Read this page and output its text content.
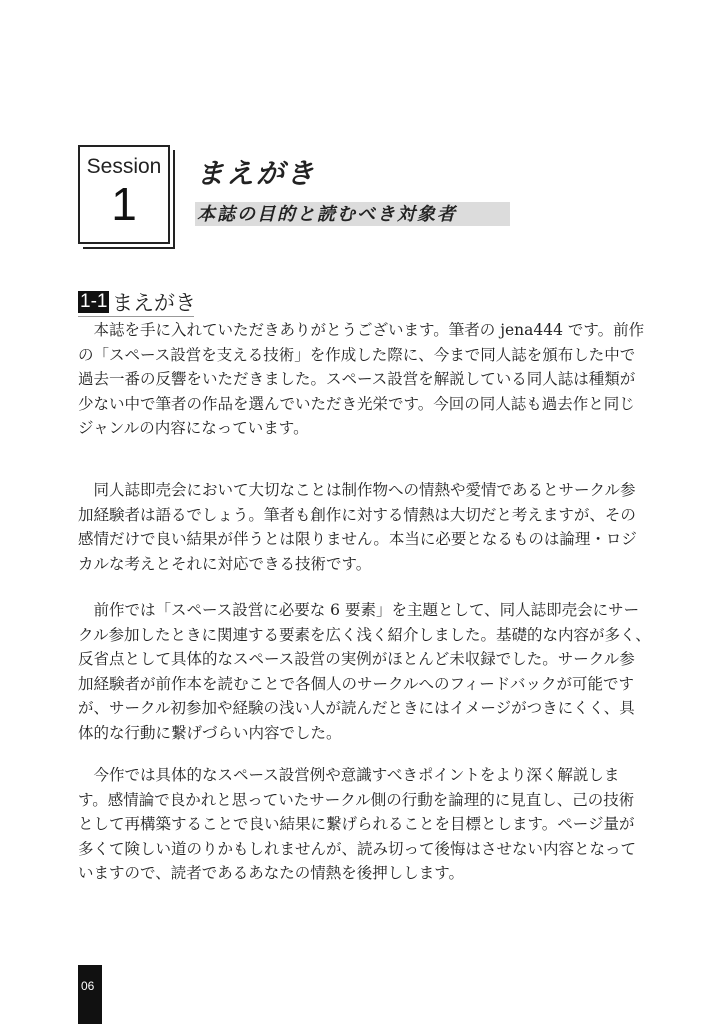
Session
1
まえがき
本誌の目的と読むべき対象者
1-1 まえがき
　本誌を手に入れていただきありがとうございます。筆者の jena444 です。前作
の「スペース設営を支える技術」を作成した際に、今まで同人誌を頒布した中で
過去一番の反響をいただきました。スペース設営を解説している同人誌は種類が
少ない中で筆者の作品を選んでいただき光栄です。今回の同人誌も過去作と同じ
ジャンルの内容になっています。
　同人誌即売会において大切なことは制作物への情熱や愛情であるとサークル参
加経験者は語るでしょう。筆者も創作に対する情熱は大切だと考えますが、その
感情だけで良い結果が伴うとは限りません。本当に必要となるものは論理・ロジ
カルな考えとそれに対応できる技術です。
　前作では「スペース設営に必要な 6 要素」を主題として、同人誌即売会にサー
クル参加したときに関連する要素を広く浅く紹介しました。基礎的な内容が多く、
反省点として具体的なスペース設営の実例がほとんど未収録でした。サークル参
加経験者が前作本を読むことで各個人のサークルへのフィードバックが可能です
が、サークル初参加や経験の浅い人が読んだときにはイメージがつきにくく、具
体的な行動に繋げづらい内容でした。
　今作では具体的なスペース設営例や意識すべきポイントをより深く解説しま
す。感情論で良かれと思っていたサークル側の行動を論理的に見直し、己の技術
として再構築することで良い結果に繋げられることを目標とします。ページ量が
多くて険しい道のりかもしれませんが、読み切って後悔はさせない内容となって
いますので、読者であるあなたの情熱を後押しします。
06
